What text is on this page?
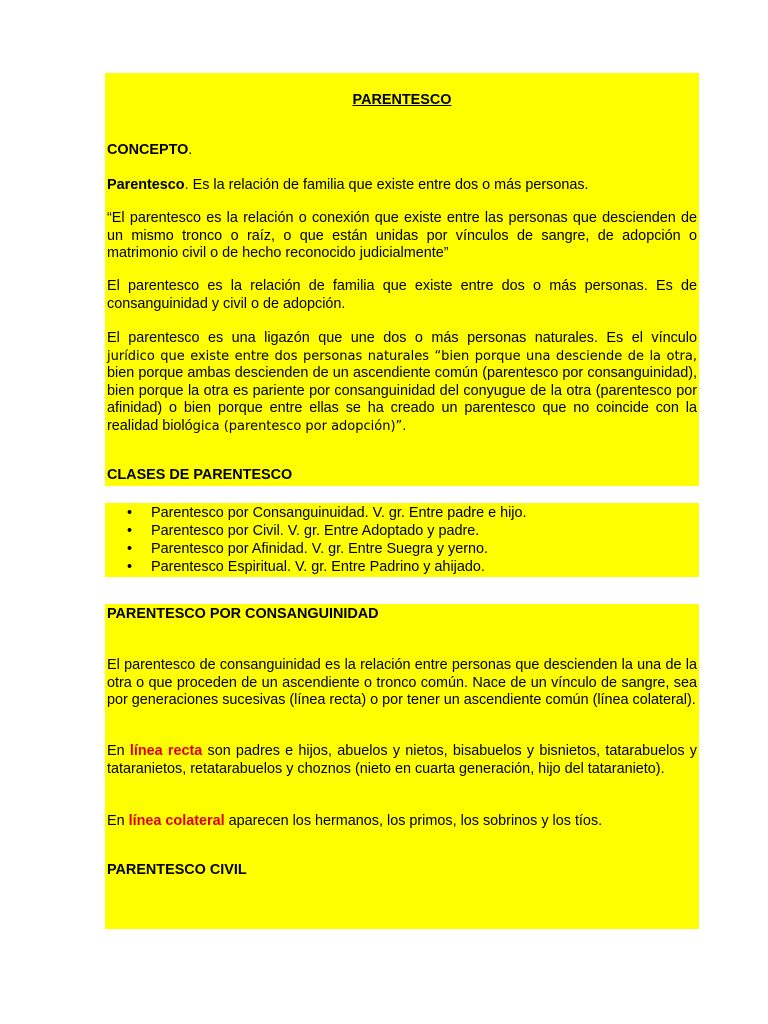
PARENTESCO

CONCEPTO.

Parentesco. Es la relación de familia que existe entre dos o más personas.

“El parentesco es la relación o conexión que existe entre las personas que descienden de un mismo tronco o raíz, o que están unidas por vínculos de sangre, de adopción o matrimonio civil o de hecho reconocido judicialmente”

El parentesco es la relación de familia que existe entre dos o más personas. Es de consanguinidad y civil o de adopción.

El parentesco es una ligazón que une dos o más personas naturales. Es el vínculo
jurídico que existe entre dos personas naturales “bien porque una desciende de la otra,
bien porque ambas descienden de un ascendiente común (parentesco por consanguinidad), bien porque la otra es pariente por consanguinidad del conyugue de la otra (parentesco por afinidad) o bien porque entre ellas se ha creado un parentesco que no coincide con la realidad biológica (parentesco por adopción)”.

CLASES DE PARENTESCO

• Parentesco por Consanguinuidad. V. gr. Entre padre e hijo.
• Parentesco por Civil. V. gr. Entre Adoptado y padre.
• Parentesco por Afinidad. V. gr. Entre Suegra y yerno.
• Parentesco Espiritual. V. gr. Entre Padrino y ahijado.

PARENTESCO POR CONSANGUINIDAD

El parentesco de consanguinidad es la relación entre personas que descienden la una de la otra o que proceden de un ascendiente o tronco común. Nace de un vínculo de sangre, sea por generaciones sucesivas (línea recta) o por tener un ascendiente común (línea colateral).

En línea recta son padres e hijos, abuelos y nietos, bisabuelos y bisnietos, tatarabuelos y tataranietos, retatarabuelos y choznos (nieto en cuarta generación, hijo del tataranieto).

En línea colateral aparecen los hermanos, los primos, los sobrinos y los tíos.

PARENTESCO CIVIL
